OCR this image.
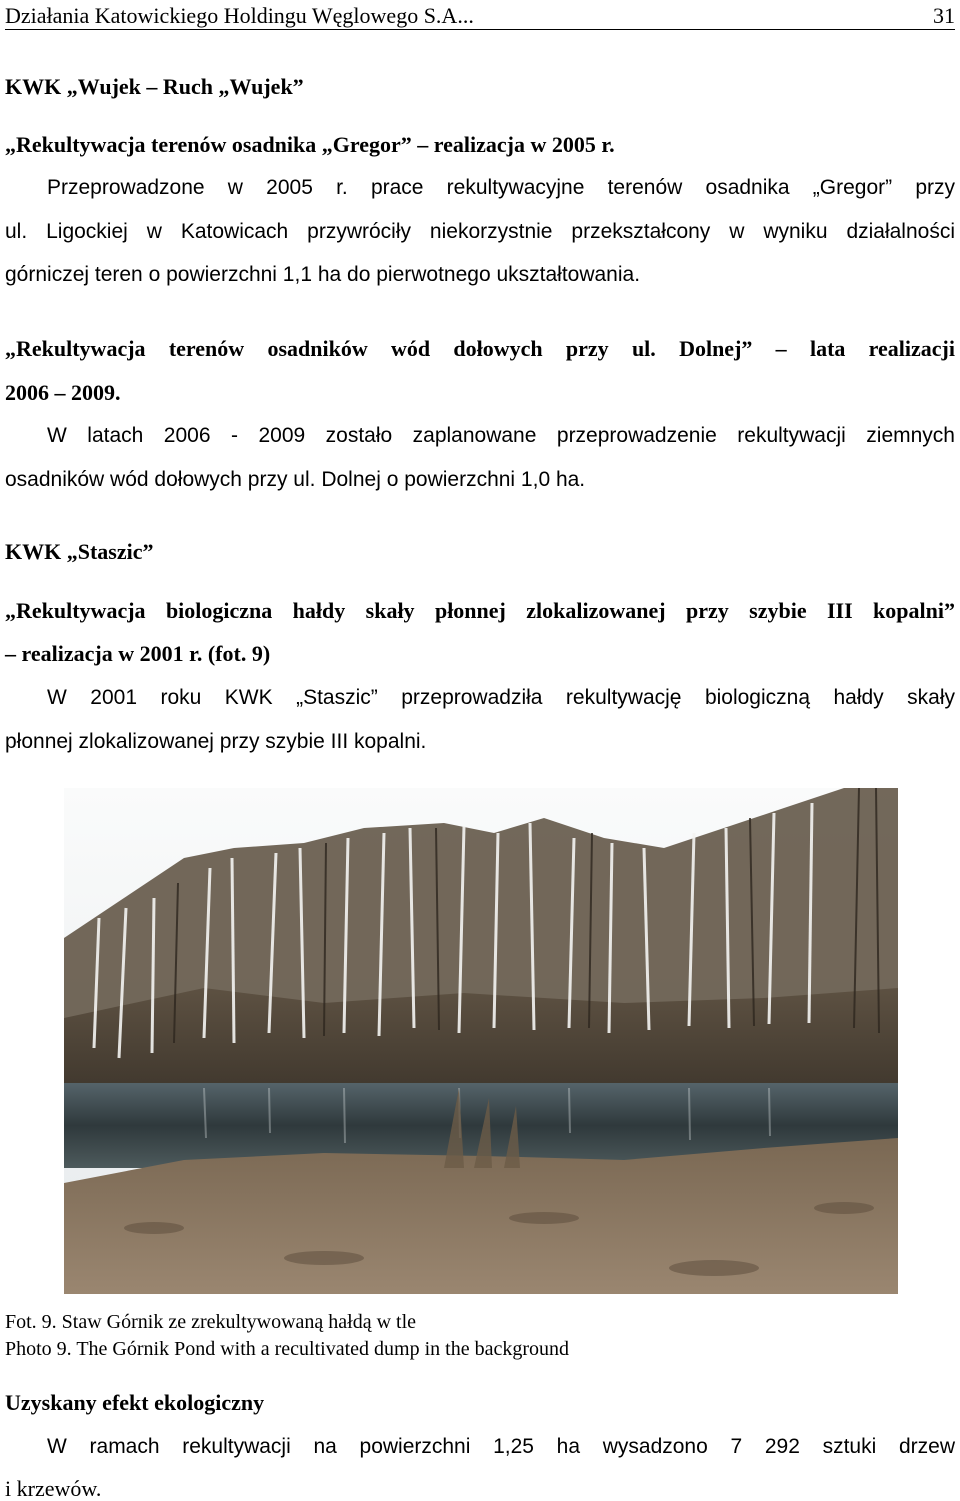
Działania Katowickiego Holdingu Węglowego S.A...	31
KWK „Wujek – Ruch „Wujek”
„Rekultywacja terenów osadnika „Gregor” – realizacja w 2005 r.
Przeprowadzone w 2005 r. prace rekultywacyjne terenów osadnika „Gregor” przy
ul. Ligockiej w Katowicach przywróciły niekorzystnie przekształcony w wyniku działalności
górniczej teren o powierzchni 1,1 ha do pierwotnego ukształtowania.
„Rekultywacja terenów osadników wód dołowych przy ul. Dolnej” – lata realizacji
2006 – 2009.
W latach 2006 - 2009 zostało zaplanowane przeprowadzenie rekultywacji ziemnych
osadników wód dołowych przy ul. Dolnej o powierzchni 1,0 ha.
KWK „Staszic”
„Rekultywacja biologiczna hałdy skały płonnej zlokalizowanej przy szybie III kopalni”
– realizacja w 2001 r. (fot. 9)
W 2001 roku KWK „Staszic” przeprowadziła rekultywację biologiczną hałdy skały
płonnej zlokalizowanej przy szybie III kopalni.
Fot. 9. Staw Górnik ze zrekultywowaną hałdą w tle
Photo 9. The Górnik Pond with a recultivated dump in the background
Uzyskany efekt ekologiczny
W ramach rekultywacji na powierzchni 1,25 ha wysadzono 7 292 sztuki drzew
i krzewów.
